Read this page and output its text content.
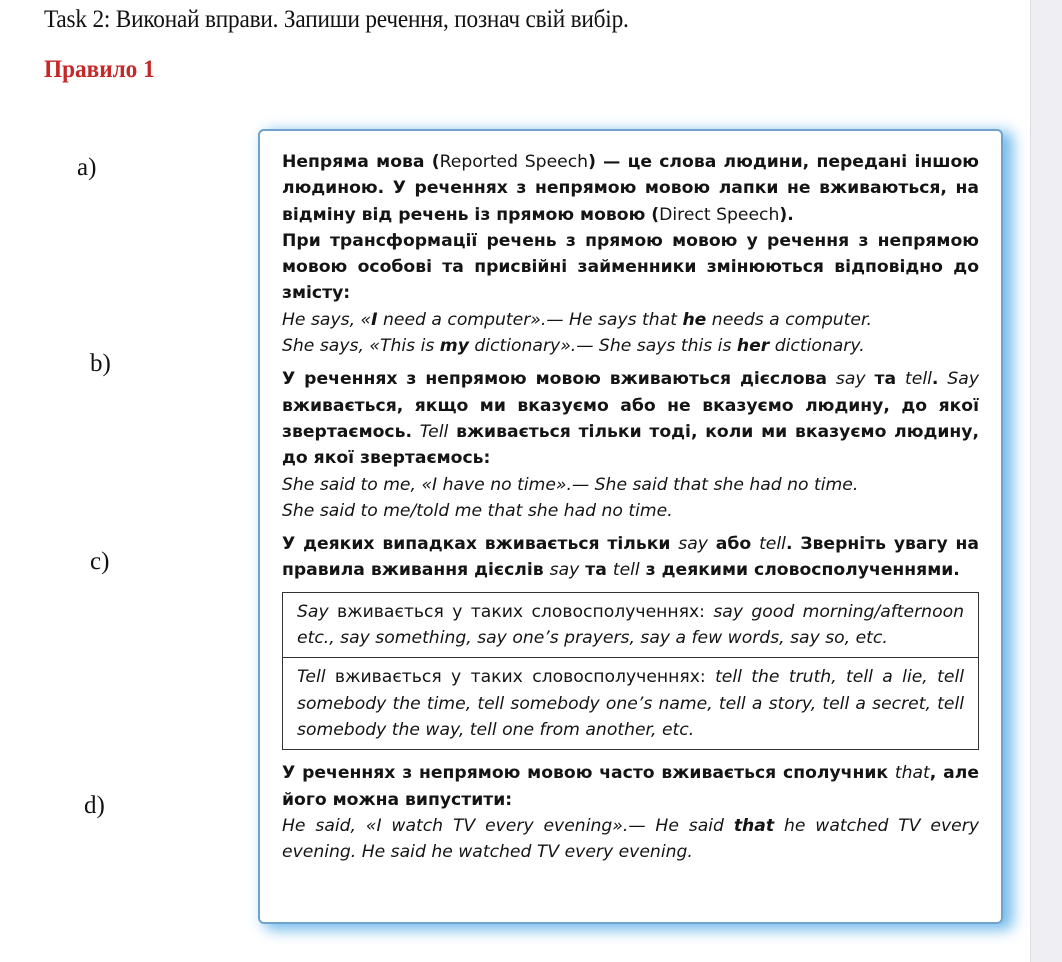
Task 2: Виконай вправи. Запиши речення, познач свій вибір.
Правило 1
a)
b)
c)
d)

Непряма мова (Reported Speech) — це слова людини, передані іншою людиною. У реченнях з непрямою мовою лапки не вживаються, на відміну від речень із прямою мовою (Direct Speech).

При трансформації речень з прямою мовою у речення з непрямою мовою особові та присвійні займенники змінюються відповідно до змісту:

He says, «I need a computer».— He says that he needs a computer.

She says, «This is my dictionary».— She says this is her dictionary.

У реченнях з непрямою мовою вживаються дієслова say та tell. Say вживається, якщо ми вказуємо або не вказуємо людину, до якої звертаємось. Tell вживається тільки тоді, коли ми вказуємо людину, до якої звертаємось:

She said to me, «I have no time».— She said that she had no time.

She said to me/told me that she had no time.

У деяких випадках вживається тільки say або tell. Зверніть увагу на правила вживання дієслів say та tell з деякими словосполученнями.

Say вживається у таких словосполученнях: say good morning/afternoon etc., say something, say one’s prayers, say a few words, say so, etc.
Tell вживається у таких словосполученнях: tell the truth, tell a lie, tell somebody the time, tell somebody one’s name, tell a story, tell a secret, tell somebody the way, tell one from another, etc.

У реченнях з непрямою мовою часто вживається сполучник that, але його можна випустити:

He said, «I watch TV every evening».— He said that he watched TV every evening. He said he watched TV every evening.
